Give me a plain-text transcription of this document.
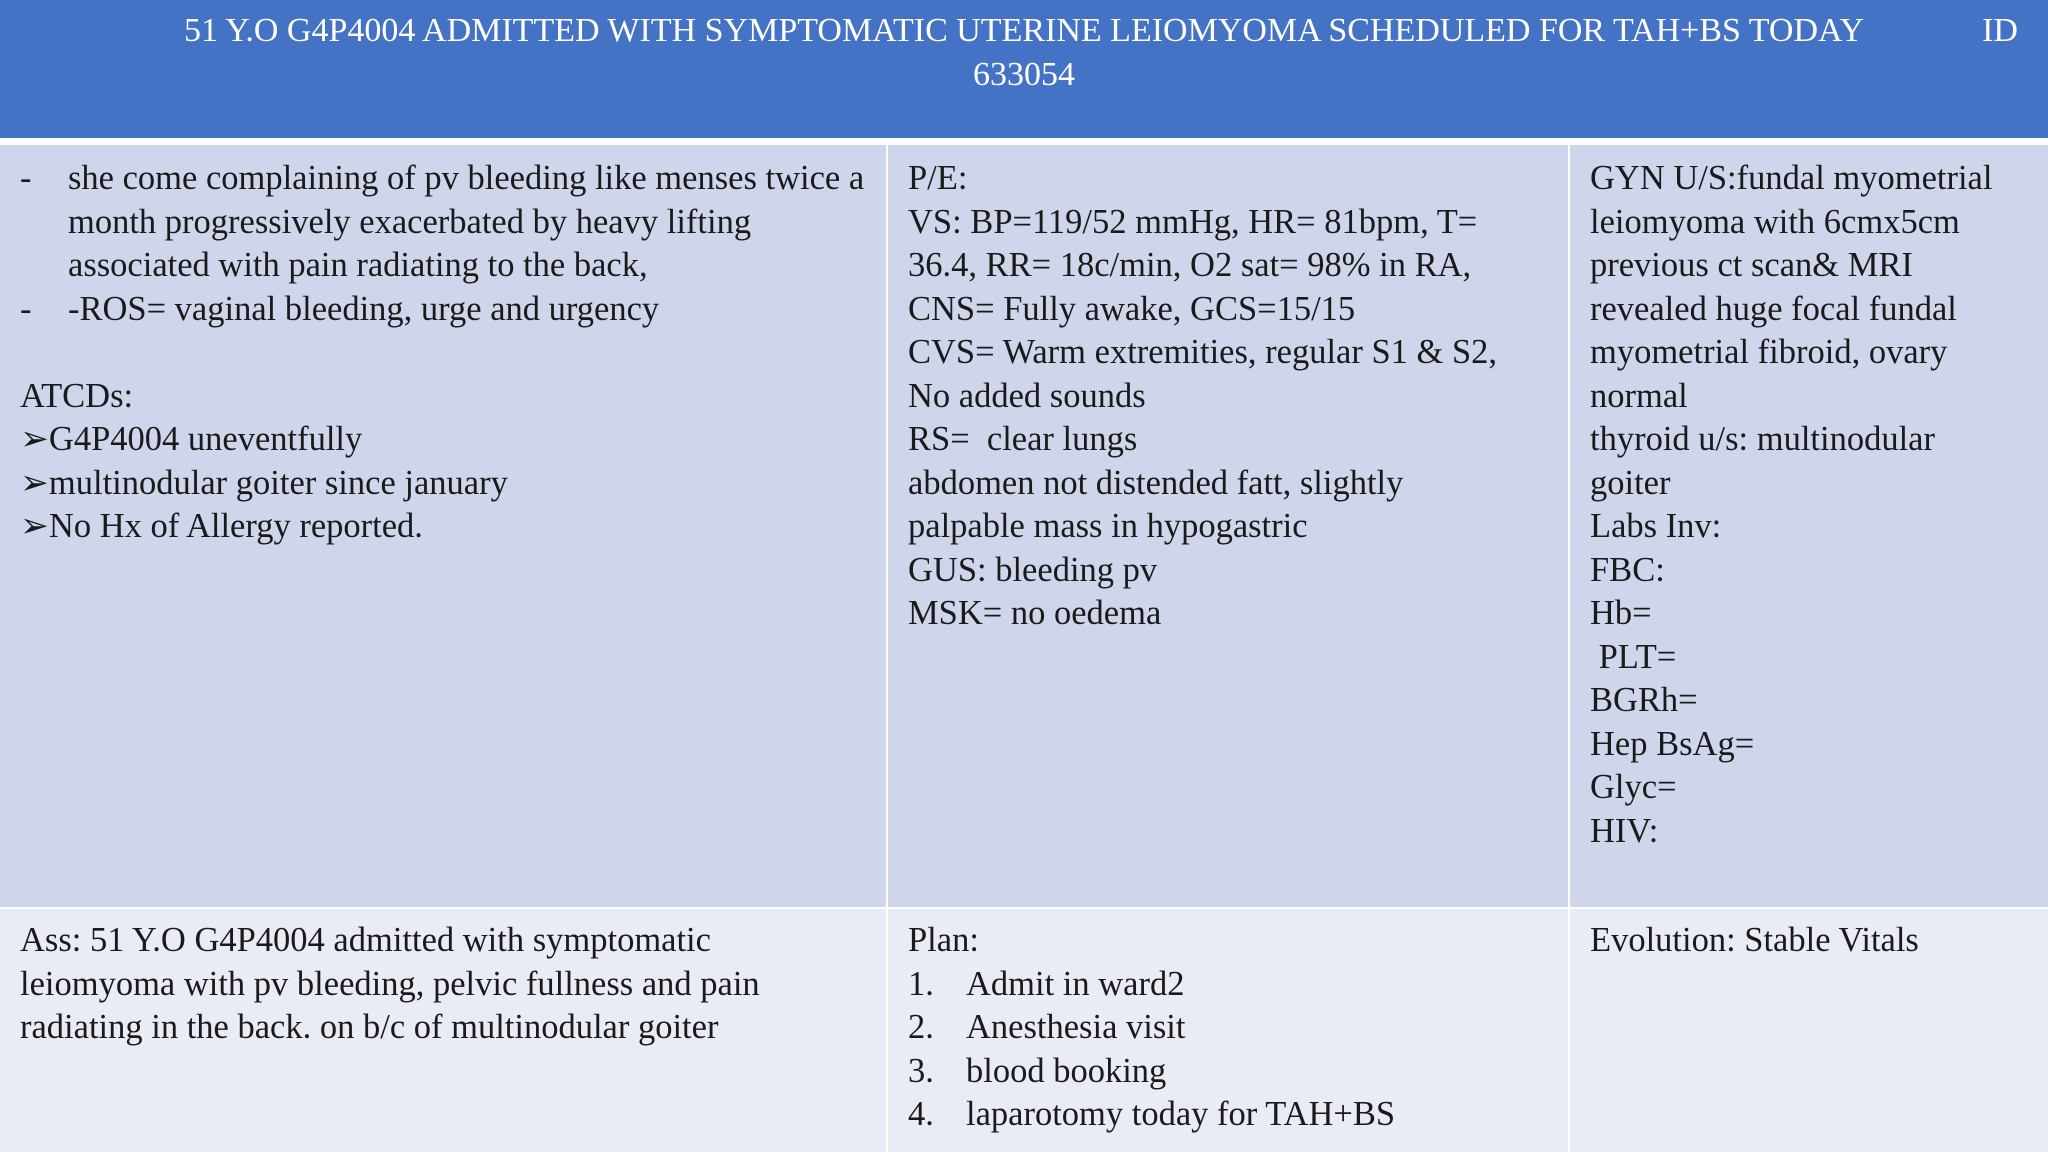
51 Y.O G4P4004 ADMITTED WITH SYMPTOMATIC UTERINE LEIOMYOMA SCHEDULED FOR TAH+BS TODAY
633054
ID
-	she come complaining of pv bleeding like menses twice a month progressively exacerbated by heavy lifting associated with pain radiating to the back,
-	-ROS= vaginal bleeding, urge and urgency
ATCDs:
➢ G4P4004 uneventfully
➢ multinodular goiter since january
➢ No Hx of Allergy reported.
P/E:
VS: BP=119/52 mmHg, HR= 81bpm, T=
36.4, RR= 18c/min, O2 sat= 98% in RA,
CNS= Fully awake, GCS=15/15
CVS= Warm extremities, regular S1 & S2,
No added sounds
RS=  clear lungs
abdomen not distended fatt, slightly
palpable mass in hypogastric
GUS: bleeding pv
MSK= no oedema
GYN U/S:fundal myometrial
leiomyoma with 6cmx5cm
previous ct scan& MRI
revealed huge focal fundal
myometrial fibroid, ovary
normal
thyroid u/s: multinodular
goiter
Labs Inv:
FBC:
Hb=
PLT=
BGRh=
Hep BsAg=
Glyc=
HIV:
Ass: 51 Y.O G4P4004 admitted with symptomatic
leiomyoma with pv bleeding, pelvic fullness and pain
radiating in the back. on b/c of multinodular goiter
Plan:
1. Admit in ward2
2. Anesthesia visit
3. blood booking
4. laparotomy today for TAH+BS
Evolution: Stable Vitals
